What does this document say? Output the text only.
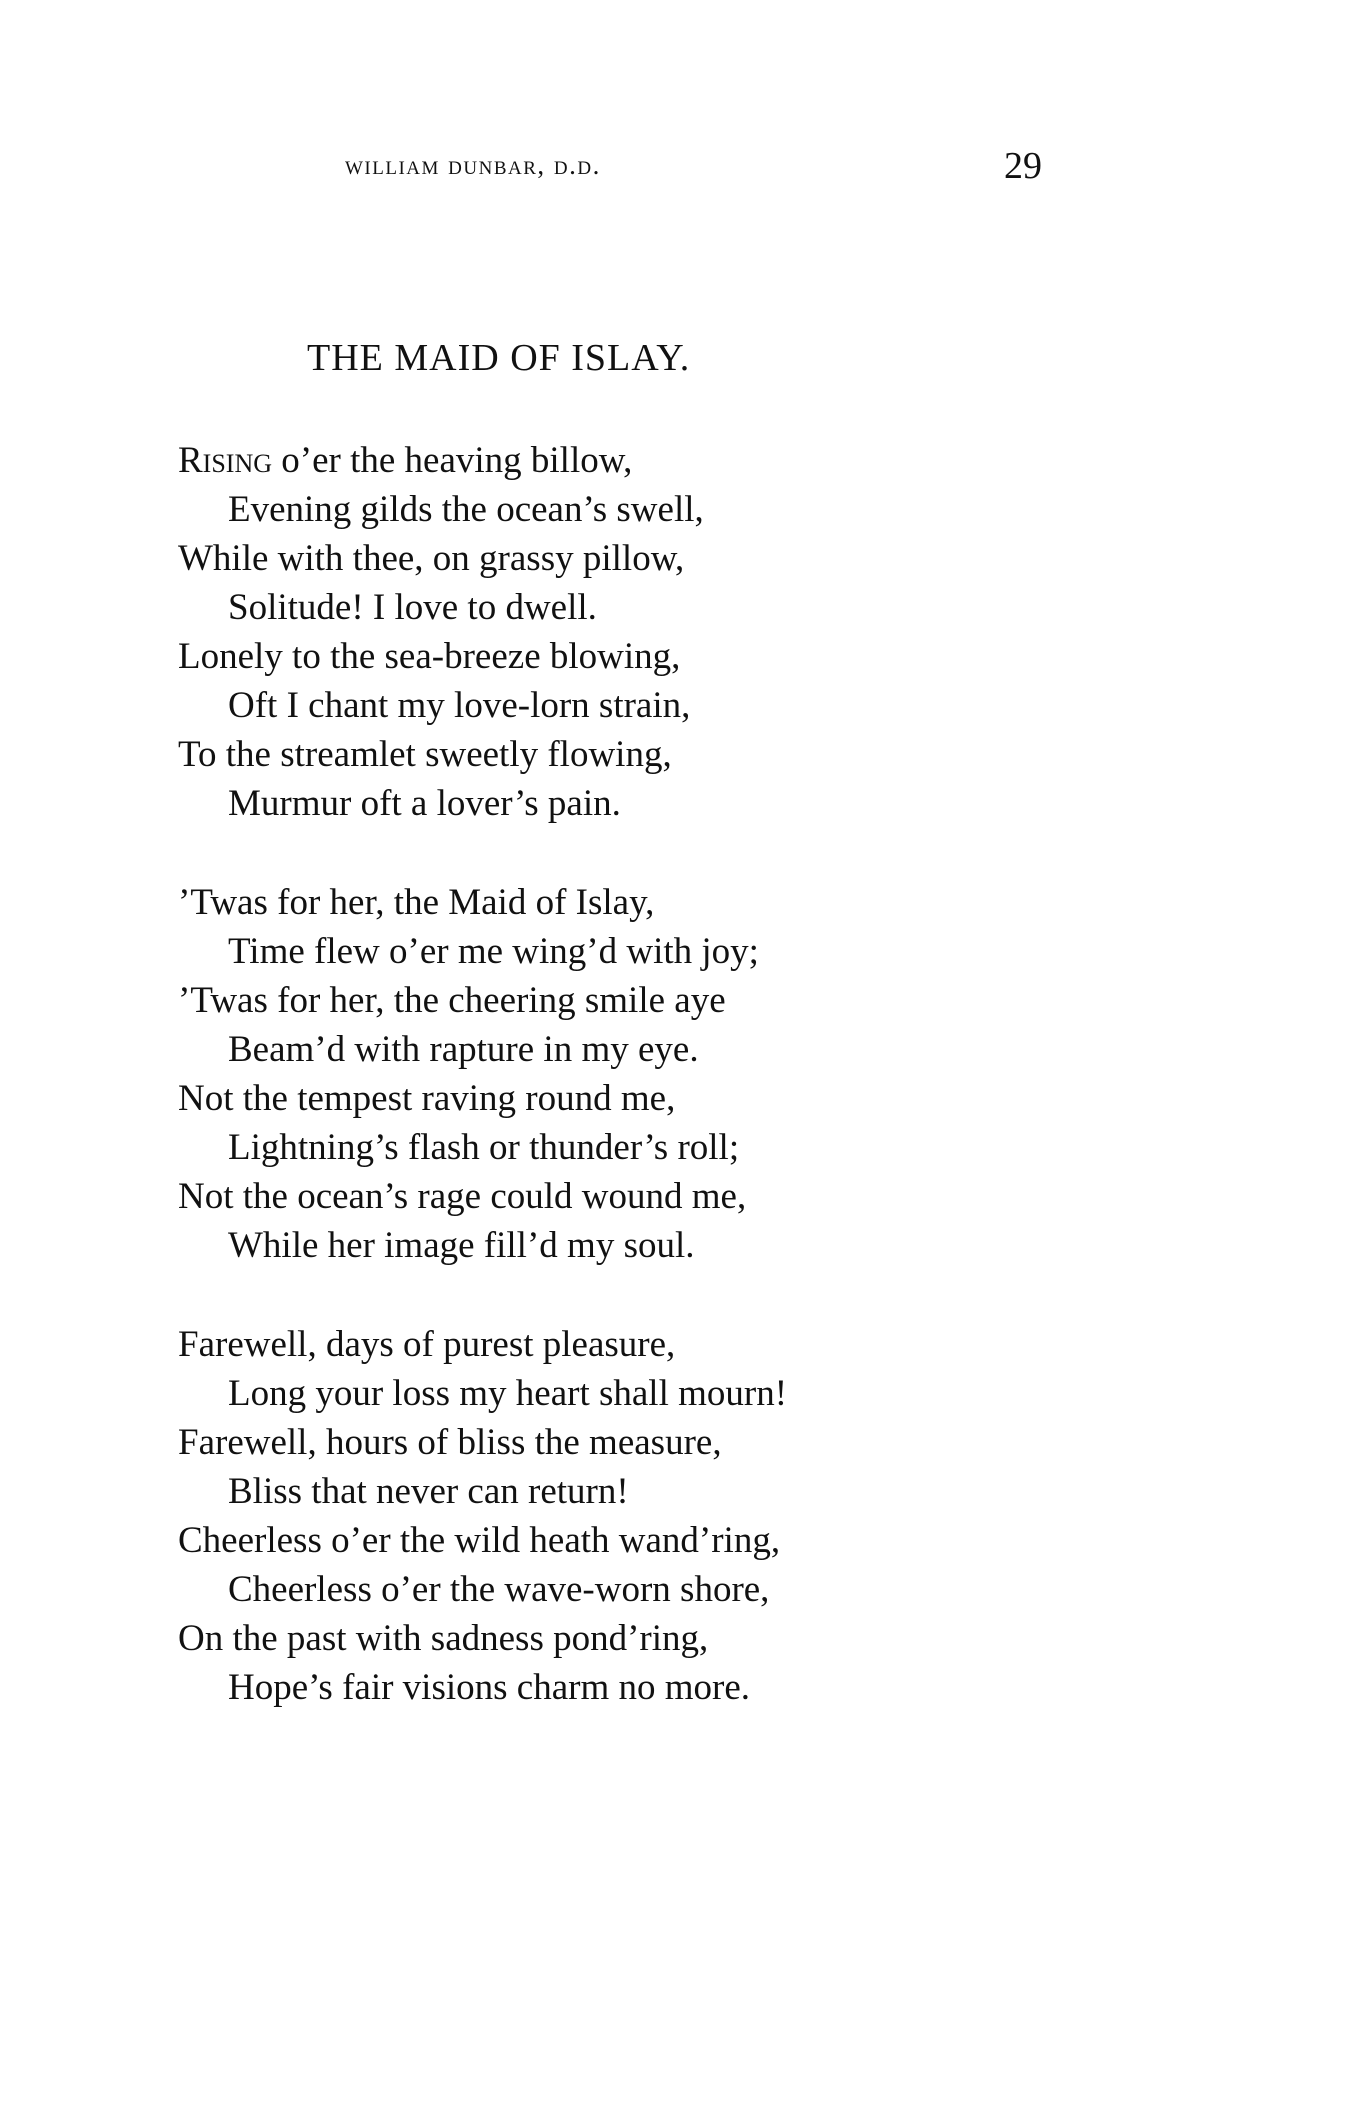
william dunbar, d.d.	29
THE MAID OF ISLAY.
Rising o’er the heaving billow,
Evening gilds the ocean’s swell,
While with thee, on grassy pillow,
Solitude! I love to dwell.
Lonely to the sea-breeze blowing,
Oft I chant my love-lorn strain,
To the streamlet sweetly flowing,
Murmur oft a lover’s pain.
’Twas for her, the Maid of Islay,
Time flew o’er me wing’d with joy;
’Twas for her, the cheering smile aye
Beam’d with rapture in my eye.
Not the tempest raving round me,
Lightning’s flash or thunder’s roll;
Not the ocean’s rage could wound me,
While her image fill’d my soul.
Farewell, days of purest pleasure,
Long your loss my heart shall mourn!
Farewell, hours of bliss the measure,
Bliss that never can return!
Cheerless o’er the wild heath wand’ring,
Cheerless o’er the wave-worn shore,
On the past with sadness pond’ring,
Hope’s fair visions charm no more.
